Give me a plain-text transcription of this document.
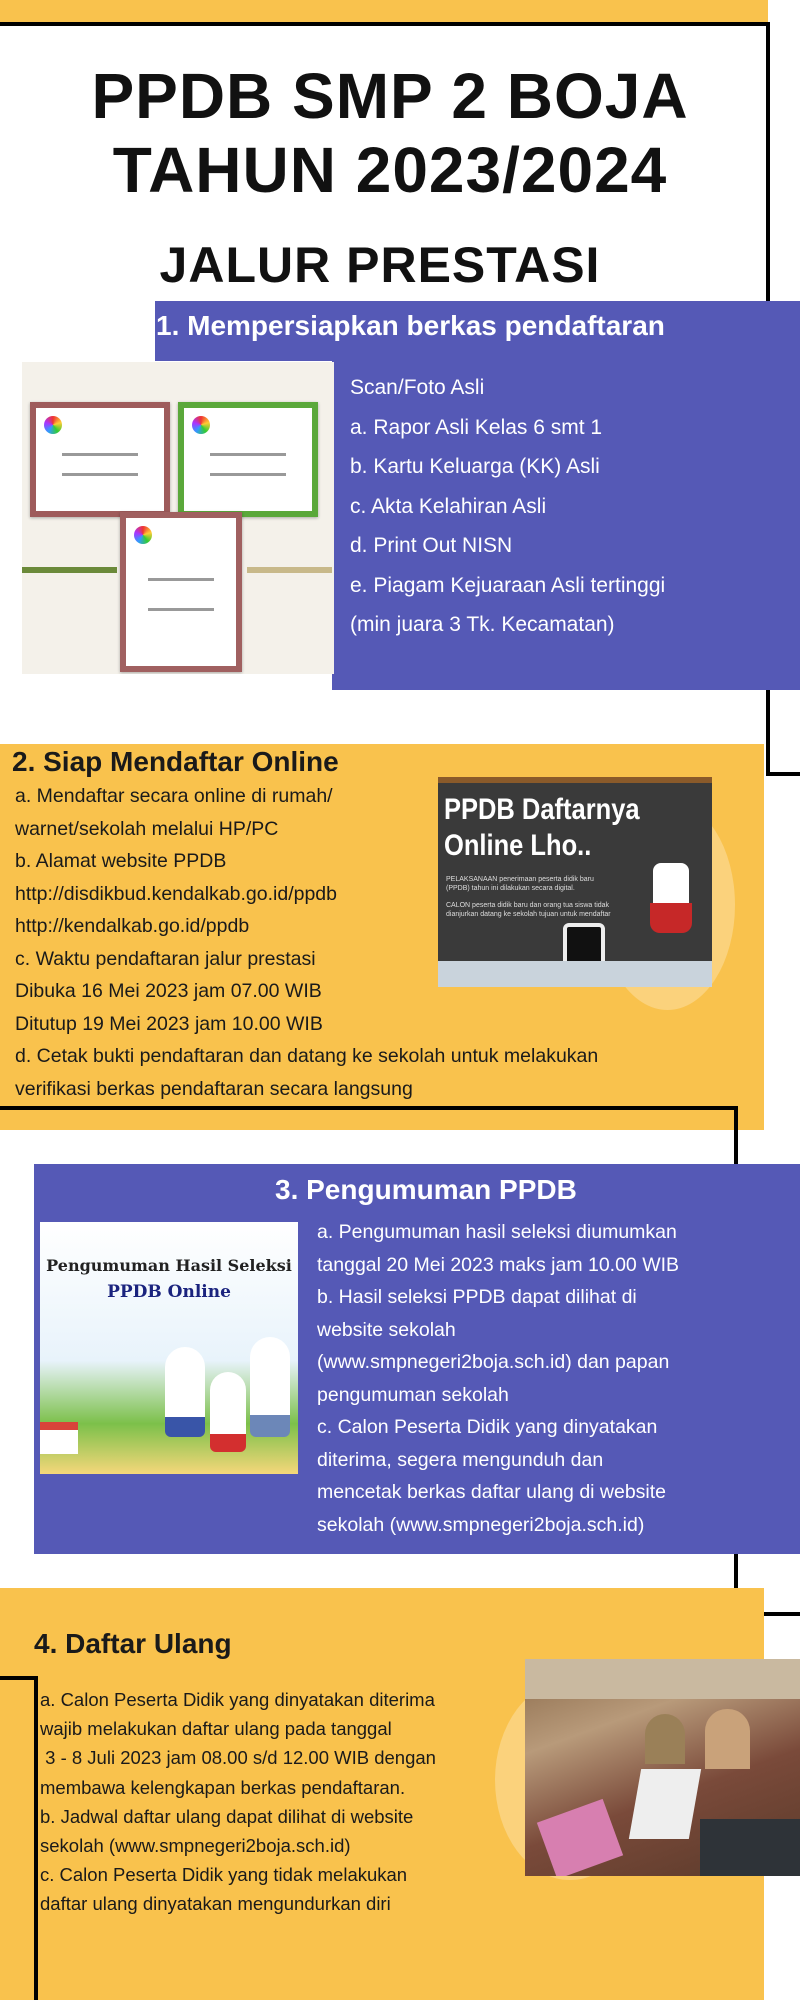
PPDB SMP 2 BOJA
TAHUN 2023/2024
JALUR PRESTASI
1. Mempersiapkan berkas pendaftaran
Scan/Foto Asli
a. Rapor Asli Kelas 6 smt 1
b. Kartu Keluarga (KK) Asli
c. Akta Kelahiran Asli
d. Print Out NISN
e. Piagam Kejuaraan Asli tertinggi
(min juara 3 Tk. Kecamatan)
2. Siap Mendaftar Online
a. Mendaftar secara online di rumah/
warnet/sekolah melalui HP/PC
b. Alamat website PPDB
http://disdikbud.kendalkab.go.id/ppdb
http://kendalkab.go.id/ppdb
c. Waktu pendaftaran jalur prestasi
Dibuka 16 Mei 2023 jam 07.00 WIB
Ditutup 19 Mei 2023 jam 10.00 WIB
d. Cetak bukti pendaftaran dan datang ke sekolah untuk melakukan
verifikasi berkas pendaftaran secara langsung
PPDB Daftarnya
Online Lho..
PELAKSANAAN penerimaan peserta didik baru (PPDB) tahun ini dilakukan secara digital.
CALON peserta didik baru dan orang tua siswa tidak dianjurkan datang ke sekolah tujuan untuk mendaftar
3. Pengumuman PPDB
Pengumuman Hasil Seleksi
PPDB Online
a. Pengumuman hasil seleksi diumumkan
tanggal 20 Mei 2023 maks jam 10.00 WIB
b. Hasil seleksi PPDB dapat dilihat di
website sekolah
(www.smpnegeri2boja.sch.id) dan papan
pengumuman sekolah
c. Calon Peserta Didik yang dinyatakan
diterima, segera mengunduh dan
mencetak berkas daftar ulang di website
sekolah (www.smpnegeri2boja.sch.id)
4. Daftar Ulang
a. Calon Peserta Didik yang dinyatakan diterima
wajib melakukan daftar ulang pada tanggal
3 - 8 Juli 2023 jam 08.00 s/d 12.00 WIB dengan
membawa kelengkapan berkas pendaftaran.
b. Jadwal daftar ulang dapat dilihat di website
sekolah (www.smpnegeri2boja.sch.id)
c. Calon Peserta Didik yang tidak melakukan
daftar ulang dinyatakan mengundurkan diri
